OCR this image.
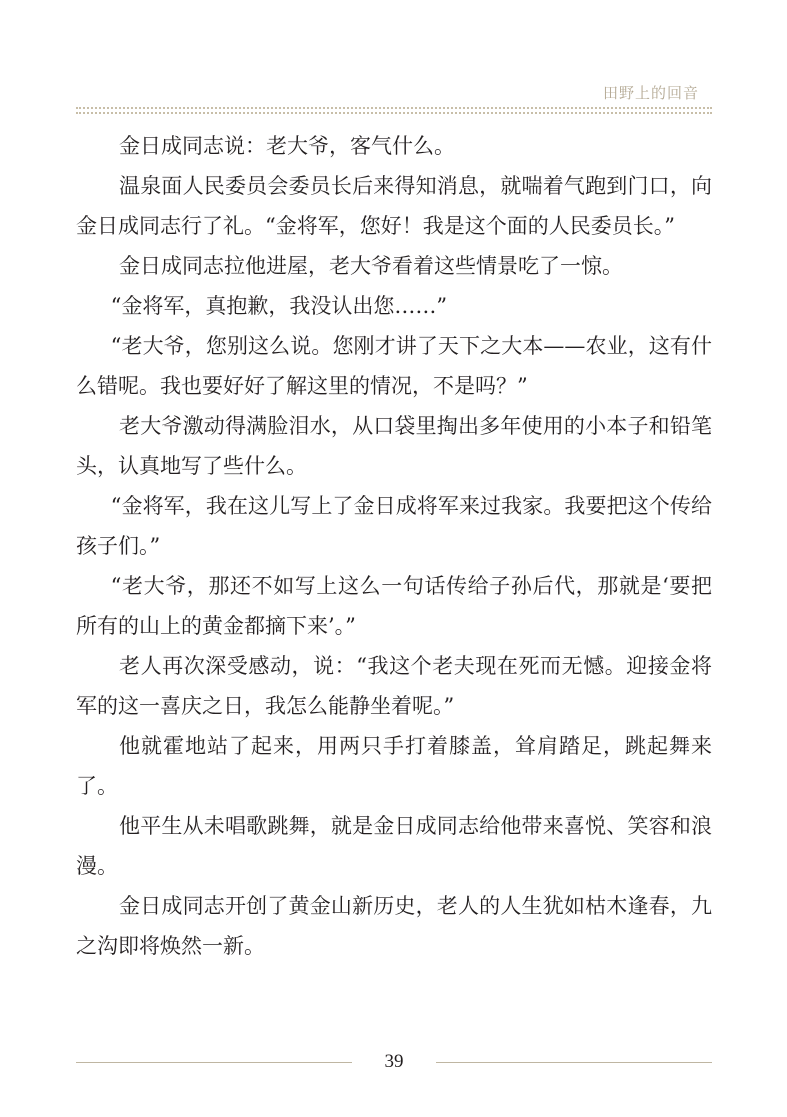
田野上的回音

金日成同志说：老大爷，客气什么。

温泉面人民委员会委员长后来得知消息，就喘着气跑到门口，向金日成同志行了礼。“金将军，您好！我是这个面的人民委员长。”

金日成同志拉他进屋，老大爷看着这些情景吃了一惊。

“金将军，真抱歉，我没认出您……”

“老大爷，您别这么说。您刚才讲了天下之大本——农业，这有什么错呢。我也要好好了解这里的情况，不是吗？”

老大爷激动得满脸泪水，从口袋里掏出多年使用的小本子和铅笔头，认真地写了些什么。

“金将军，我在这儿写上了金日成将军来过我家。我要把这个传给孩子们。”

“老大爷，那还不如写上这么一句话传给子孙后代，那就是‘要把所有的山上的黄金都摘下来’。”

老人再次深受感动，说：“我这个老夫现在死而无憾。迎接金将军的这一喜庆之日，我怎么能静坐着呢。”

他就霍地站了起来，用两只手打着膝盖，耸肩踏足，跳起舞来了。

他平生从未唱歌跳舞，就是金日成同志给他带来喜悦、笑容和浪漫。

金日成同志开创了黄金山新历史，老人的人生犹如枯木逢春，九之沟即将焕然一新。

39
